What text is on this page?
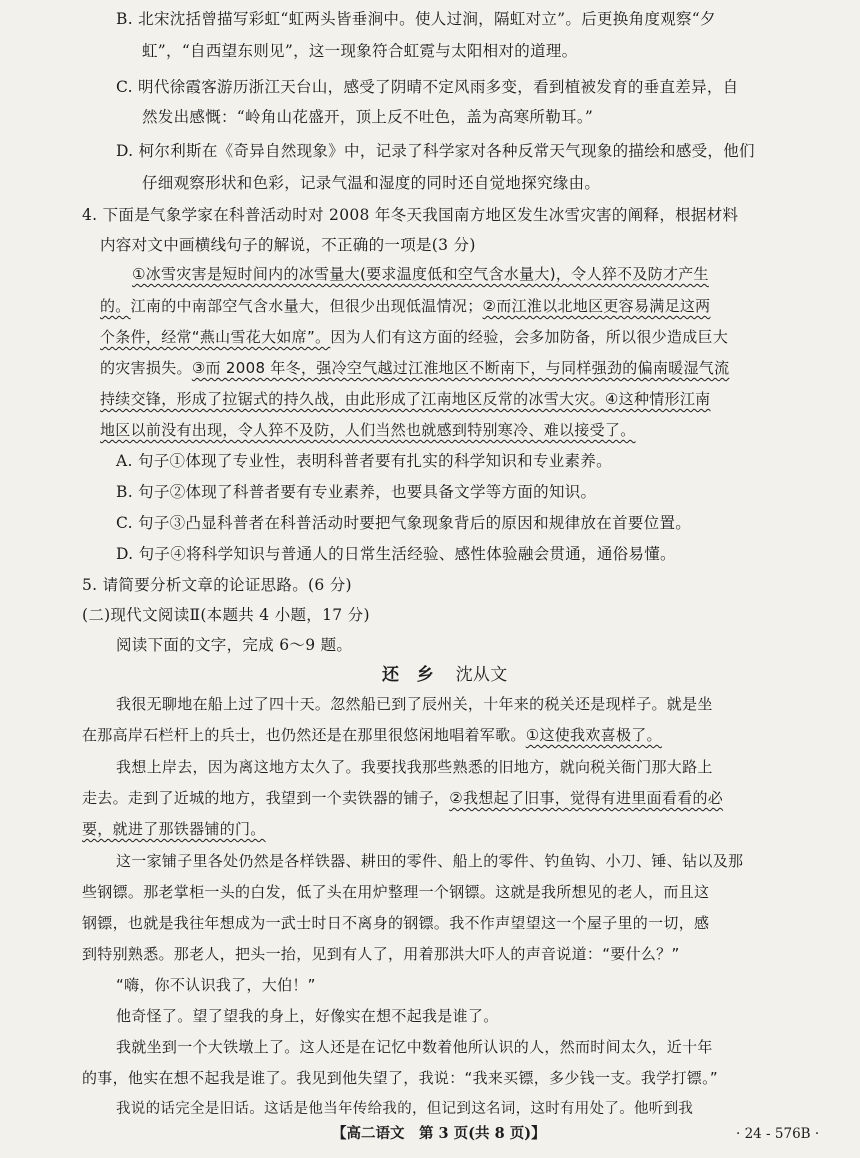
B. 北宋沈括曾描写彩虹“虹两头皆垂涧中。使人过涧，隔虹对立”。后更换角度观察“夕
虹”，“自西望东则见”，这一现象符合虹霓与太阳相对的道理。
C. 明代徐霞客游历浙江天台山，感受了阴晴不定风雨多变，看到植被发育的垂直差异，自
然发出感慨：“岭角山花盛开，顶上反不吐色，盖为高寒所勒耳。”
D. 柯尔利斯在《奇异自然现象》中，记录了科学家对各种反常天气现象的描绘和感受，他们
仔细观察形状和色彩，记录气温和湿度的同时还自觉地探究缘由。
4. 下面是气象学家在科普活动时对 2008 年冬天我国南方地区发生冰雪灾害的阐释，根据材料
内容对文中画横线句子的解说，不正确的一项是(3 分)
①冰雪灾害是短时间内的冰雪量大(要求温度低和空气含水量大)，令人猝不及防才产生
的。江南的中南部空气含水量大，但很少出现低温情况；②而江淮以北地区更容易满足这两
个条件，经常“燕山雪花大如席”。因为人们有这方面的经验，会多加防备，所以很少造成巨大
的灾害损失。③而 2008 年冬，强冷空气越过江淮地区不断南下，与同样强劲的偏南暖湿气流
持续交锋，形成了拉锯式的持久战，由此形成了江南地区反常的冰雪大灾。④这种情形江南
地区以前没有出现，令人猝不及防，人们当然也就感到特别寒冷、难以接受了。
A. 句子①体现了专业性，表明科普者要有扎实的科学知识和专业素养。
B. 句子②体现了科普者要有专业素养，也要具备文学等方面的知识。
C. 句子③凸显科普者在科普活动时要把气象现象背后的原因和规律放在首要位置。
D. 句子④将科学知识与普通人的日常生活经验、感性体验融会贯通，通俗易懂。
5. 请简要分析文章的论证思路。(6 分)
(二)现代文阅读Ⅱ(本题共 4 小题，17 分)
阅读下面的文字，完成 6～9 题。
还　乡 沈从文
我很无聊地在船上过了四十天。忽然船已到了辰州关，十年来的税关还是现样子。就是坐
在那高岸石栏杆上的兵士，也仍然还是在那里很悠闲地唱着军歌。①这使我欢喜极了。
我想上岸去，因为离这地方太久了。我要找我那些熟悉的旧地方，就向税关衙门那大路上
走去。走到了近城的地方，我望到一个卖铁器的铺子，②我想起了旧事，觉得有进里面看看的必
要，就进了那铁器铺的门。
这一家铺子里各处仍然是各样铁器、耕田的零件、船上的零件、钓鱼钩、小刀、锤、钻以及那
些钢镖。那老掌柜一头的白发，低了头在用炉整理一个钢镖。这就是我所想见的老人，而且这
钢镖，也就是我往年想成为一武士时日不离身的钢镖。我不作声望望这一个屋子里的一切，感
到特别熟悉。那老人，把头一抬，见到有人了，用着那洪大吓人的声音说道：“要什么？”
“嗨，你不认识我了，大伯！”
他奇怪了。望了望我的身上，好像实在想不起我是谁了。
我就坐到一个大铁墩上了。这人还是在记忆中数着他所认识的人，然而时间太久，近十年
的事，他实在想不起我是谁了。我见到他失望了，我说：“我来买镖，多少钱一支。我学打镖。”
我说的话完全是旧话。这话是他当年传给我的，但记到这名词，这时有用处了。他听到我
【高二语文　第 3 页(共 8 页)】	· 24 - 576B ·
